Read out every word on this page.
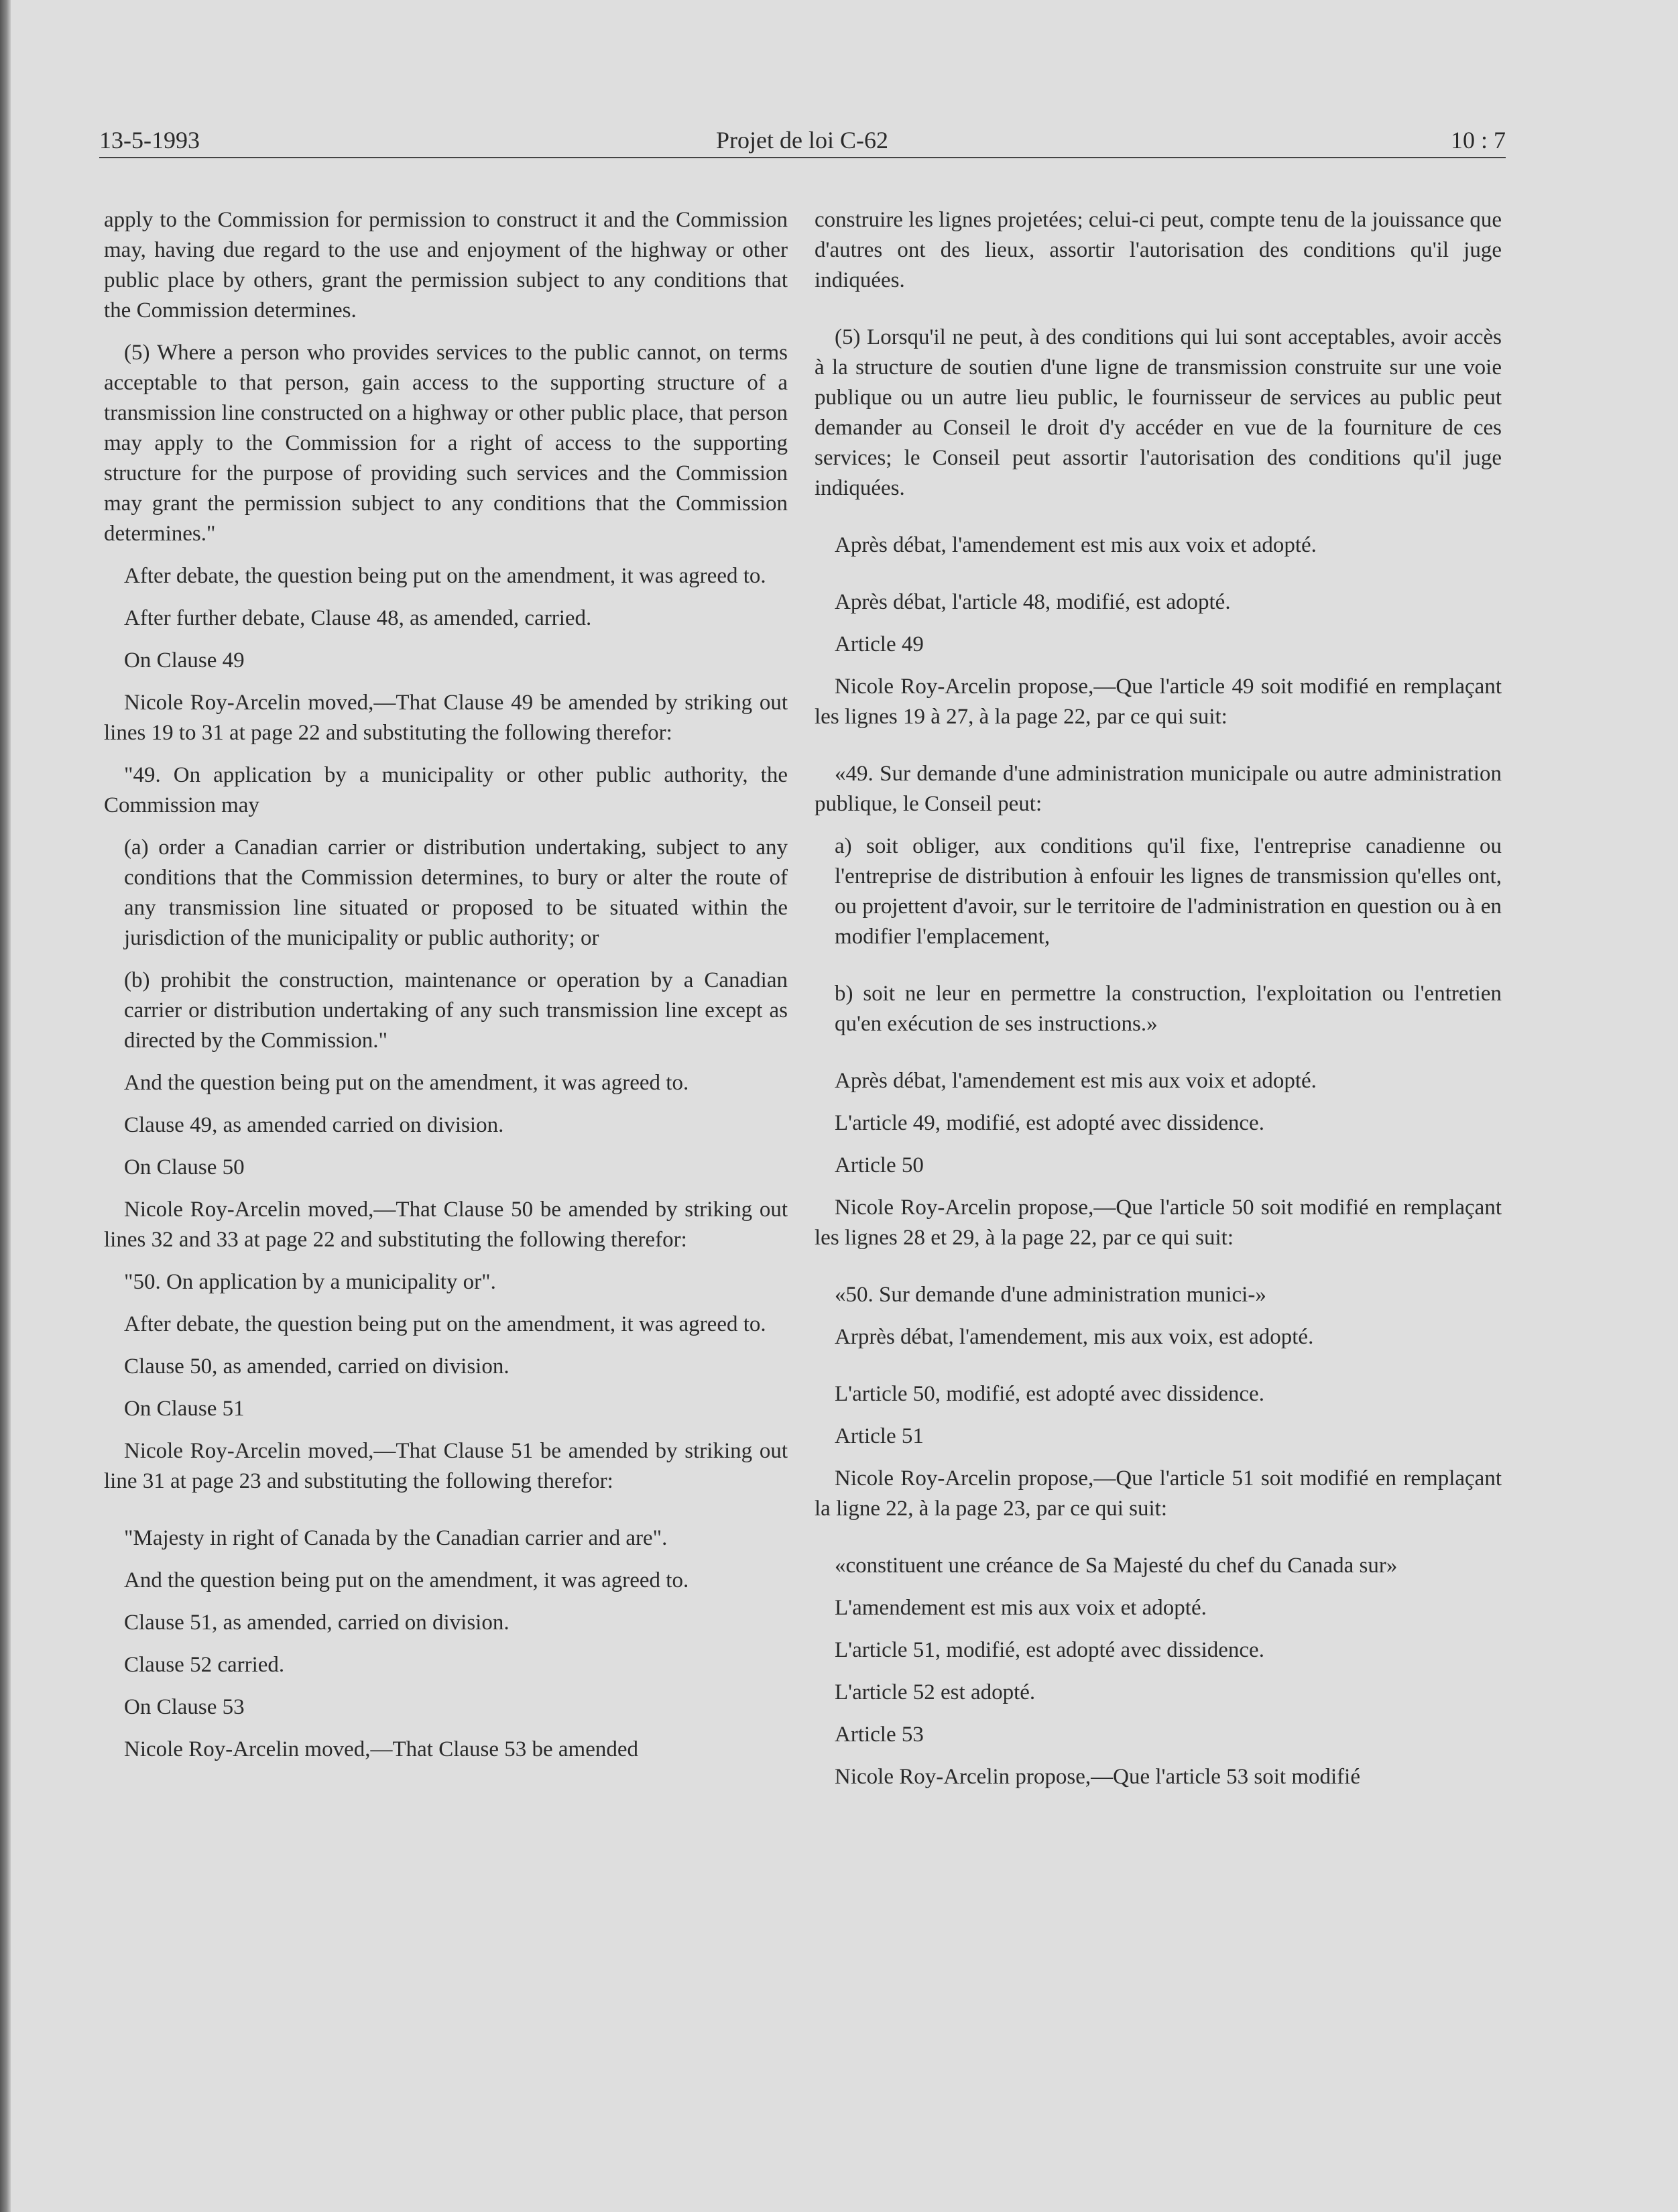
13-5-1993	Projet de loi C-62	10 : 7

apply to the Commission for permission to construct it and the Commission may, having due regard to the use and enjoyment of the highway or other public place by others, grant the permission subject to any conditions that the Commission determines.

(5) Where a person who provides services to the public cannot, on terms acceptable to that person, gain access to the supporting structure of a transmission line constructed on a highway or other public place, that person may apply to the Commission for a right of access to the supporting structure for the purpose of providing such services and the Commission may grant the permission subject to any conditions that the Commission determines."

After debate, the question being put on the amendment, it was agreed to.

After further debate, Clause 48, as amended, carried.

On Clause 49

Nicole Roy-Arcelin moved,—That Clause 49 be amended by striking out lines 19 to 31 at page 22 and substituting the following therefor:

"49. On application by a municipality or other public authority, the Commission may

(a) order a Canadian carrier or distribution undertaking, subject to any conditions that the Commission determines, to bury or alter the route of any transmission line situated or proposed to be situated within the jurisdiction of the municipality or public authority; or

(b) prohibit the construction, maintenance or operation by a Canadian carrier or distribution undertaking of any such transmission line except as directed by the Commission."

And the question being put on the amendment, it was agreed to.

Clause 49, as amended carried on division.

On Clause 50

Nicole Roy-Arcelin moved,—That Clause 50 be amended by striking out lines 32 and 33 at page 22 and substituting the following therefor:

"50. On application by a municipality or".

After debate, the question being put on the amendment, it was agreed to.

Clause 50, as amended, carried on division.

On Clause 51

Nicole Roy-Arcelin moved,—That Clause 51 be amended by striking out line 31 at page 23 and substituting the following therefor:

"Majesty in right of Canada by the Canadian carrier and are".

And the question being put on the amendment, it was agreed to.

Clause 51, as amended, carried on division.

Clause 52 carried.

On Clause 53

Nicole Roy-Arcelin moved,—That Clause 53 be amended

construire les lignes projetées; celui-ci peut, compte tenu de la jouissance que d'autres ont des lieux, assortir l'autorisation des conditions qu'il juge indiquées.

(5) Lorsqu'il ne peut, à des conditions qui lui sont acceptables, avoir accès à la structure de soutien d'une ligne de transmission construite sur une voie publique ou un autre lieu public, le fournisseur de services au public peut demander au Conseil le droit d'y accéder en vue de la fourniture de ces services; le Conseil peut assortir l'autorisation des conditions qu'il juge indiquées.

Après débat, l'amendement est mis aux voix et adopté.

Après débat, l'article 48, modifié, est adopté.

Article 49

Nicole Roy-Arcelin propose,—Que l'article 49 soit modifié en remplaçant les lignes 19 à 27, à la page 22, par ce qui suit:

«49. Sur demande d'une administration municipale ou autre administration publique, le Conseil peut:

a) soit obliger, aux conditions qu'il fixe, l'entreprise canadienne ou l'entreprise de distribution à enfouir les lignes de transmission qu'elles ont, ou projettent d'avoir, sur le territoire de l'administration en question ou à en modifier l'emplacement,

b) soit ne leur en permettre la construction, l'exploitation ou l'entretien qu'en exécution de ses instructions.»

Après débat, l'amendement est mis aux voix et adopté.

L'article 49, modifié, est adopté avec dissidence.

Article 50

Nicole Roy-Arcelin propose,—Que l'article 50 soit modifié en remplaçant les lignes 28 et 29, à la page 22, par ce qui suit:

«50. Sur demande d'une administration munici-»

Arprès débat, l'amendement, mis aux voix, est adopté.

L'article 50, modifié, est adopté avec dissidence.

Article 51

Nicole Roy-Arcelin propose,—Que l'article 51 soit modifié en remplaçant la ligne 22, à la page 23, par ce qui suit:

«constituent une créance de Sa Majesté du chef du Canada sur»

L'amendement est mis aux voix et adopté.

L'article 51, modifié, est adopté avec dissidence.

L'article 52 est adopté.

Article 53

Nicole Roy-Arcelin propose,—Que l'article 53 soit modifié
